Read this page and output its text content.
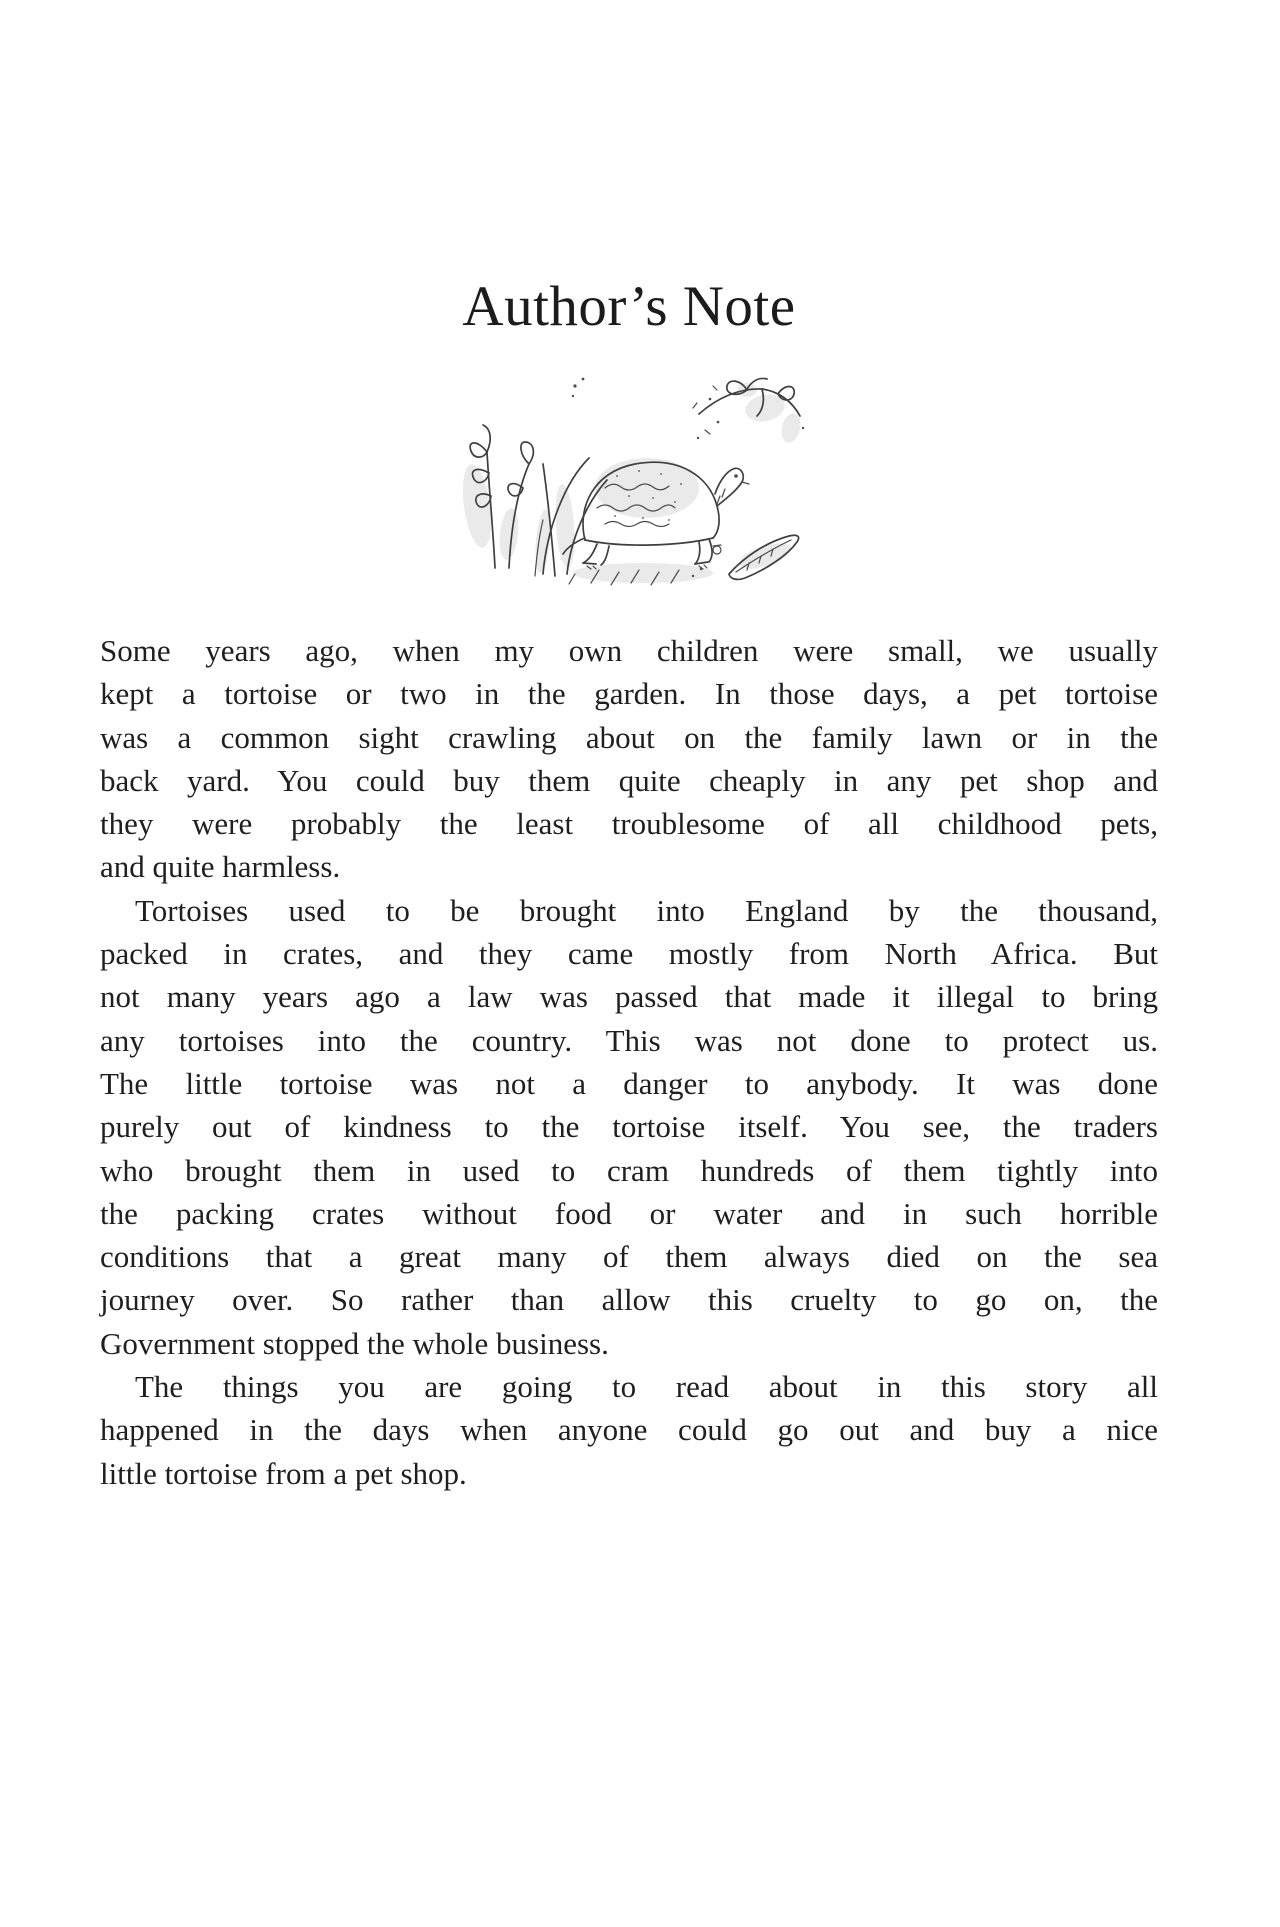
Author’s Note
Some years ago, when my own children were small, we usually
kept a tortoise or two in the garden. In those days, a pet tortoise
was a common sight crawling about on the family lawn or in the
back yard. You could buy them quite cheaply in any pet shop and
they were probably the least troublesome of all childhood pets,
and quite harmless.
Tortoises used to be brought into England by the thousand,
packed in crates, and they came mostly from North Africa. But
not many years ago a law was passed that made it illegal to bring
any tortoises into the country. This was not done to protect us.
The little tortoise was not a danger to anybody. It was done
purely out of kindness to the tortoise itself. You see, the traders
who brought them in used to cram hundreds of them tightly into
the packing crates without food or water and in such horrible
conditions that a great many of them always died on the sea
journey over. So rather than allow this cruelty to go on, the
Government stopped the whole business.
The things you are going to read about in this story all
happened in the days when anyone could go out and buy a nice
little tortoise from a pet shop.
